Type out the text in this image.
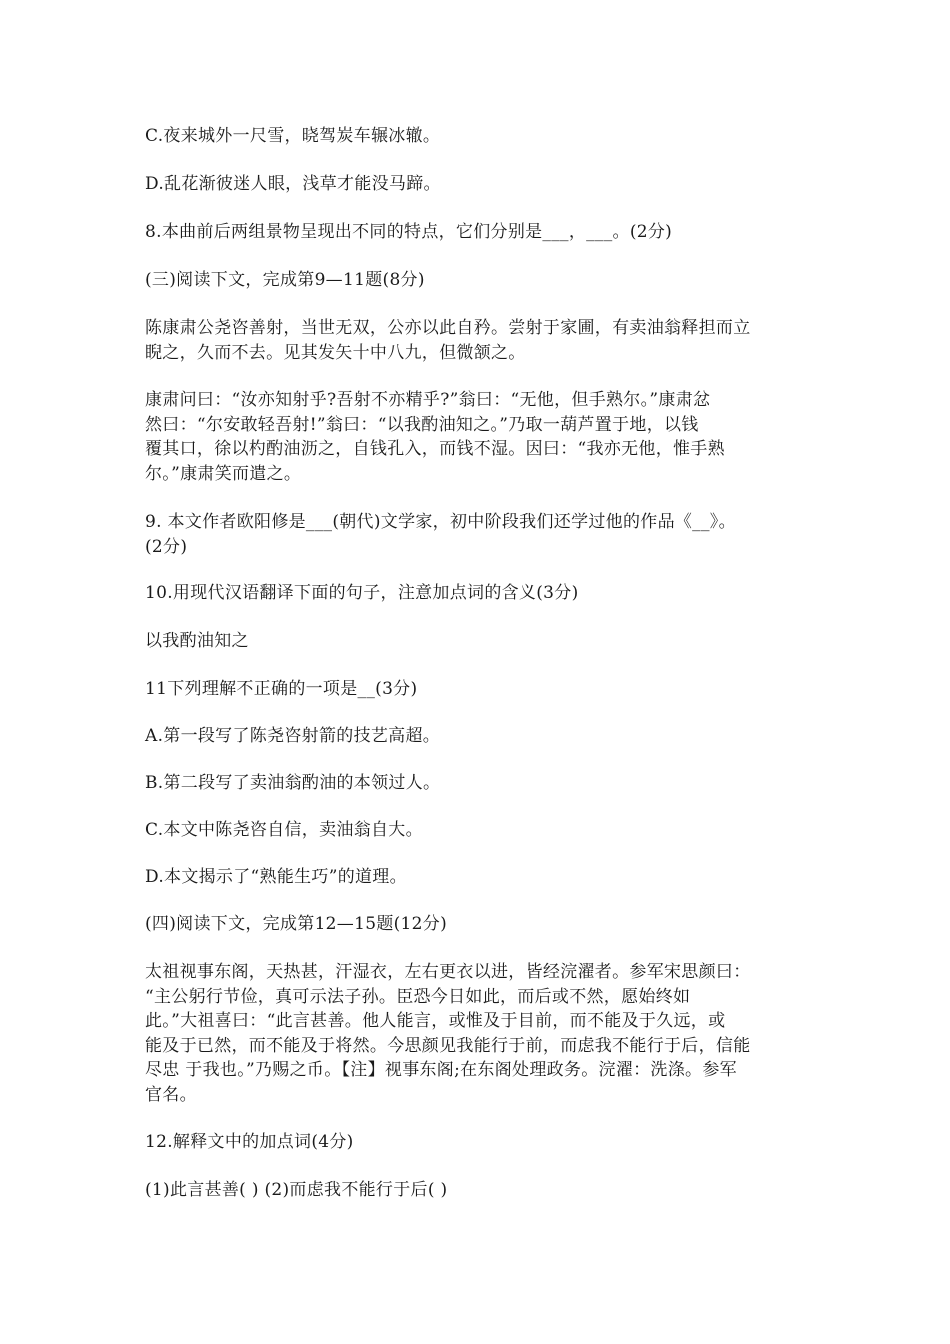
C.夜来城外一尺雪，晓驾炭车辗冰辙。

D.乱花渐彼迷人眼，浅草才能没马蹄。

8.本曲前后两组景物呈现出不同的特点，它们分别是___，___。(2分)

(三)阅读下文，完成第9—11题(8分)

陈康肃公尧咨善射，当世无双，公亦以此自矜。尝射于家圃，有卖油翁释担而立
睨之，久而不去。见其发矢十中八九，但微颔之。

康肃问曰：“汝亦知射乎?吾射不亦精乎?”翁曰：“无他，但手熟尔。”康肃忿
然曰：“尔安敢轻吾射!”翁曰：“以我酌油知之。”乃取一葫芦置于地，以钱
覆其口，徐以杓酌油沥之，自钱孔入，而钱不湿。因曰：“我亦无他，惟手熟
尔。”康肃笑而遣之。

9. 本文作者欧阳修是___(朝代)文学家，初中阶段我们还学过他的作品《__》。
(2分)

10.用现代汉语翻译下面的句子，注意加点词的含义(3分)

以我酌油知之

11下列理解不正确的一项是__(3分)

A.第一段写了陈尧咨射箭的技艺高超。

B.第二段写了卖油翁酌油的本领过人。

C.本文中陈尧咨自信，卖油翁自大。

D.本文揭示了“熟能生巧”的道理。

(四)阅读下文，完成第12—15题(12分)

太祖视事东阁，天热甚，汗湿衣，左右更衣以进，皆经浣濯者。参军宋思颜曰：
“主公躬行节俭，真可示法子孙。臣恐今日如此，而后或不然，愿始终如
此。”大祖喜曰：“此言甚善。他人能言，或惟及于目前，而不能及于久远，或
能及于已然，而不能及于将然。今思颜见我能行于前，而虑我不能行于后，信能
尽忠 于我也。”乃赐之币。【注】视事东阁;在东阁处理政务。浣濯：洗涤。参军
官名。

12.解释文中的加点词(4分)

(1)此言甚善( ) (2)而虑我不能行于后( )
